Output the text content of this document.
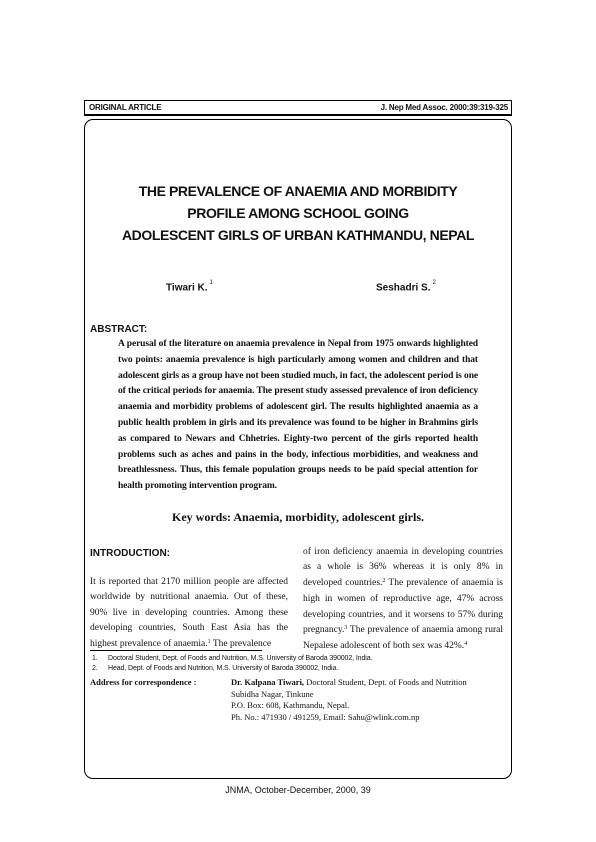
ORIGINAL ARTICLE	J. Nep Med Assoc. 2000:39:319-325
THE PREVALENCE OF ANAEMIA AND MORBIDITY
PROFILE AMONG SCHOOL GOING
ADOLESCENT GIRLS OF URBAN KATHMANDU, NEPAL
Tiwari K. $^1$	Seshadri S. $^2$
ABSTRACT:
A perusal of the literature on anaemia prevalence in Nepal from 1975 onwards highlighted two points: anaemia prevalence is high particularly among women and children and that adolescent girls as a group have not been studied much, in fact, the adolescent period is one of the critical periods for anaemia. The present study assessed prevalence of iron deficiency anaemia and morbidity problems of adolescent girl. The results highlighted anaemia as a public health problem in girls and its prevalence was found to be higher in Brahmins girls as compared to Newars and Chhetries. Eighty-two percent of the girls reported health problems such as aches and pains in the body, infectious morbidities, and weakness and breathlessness. Thus, this female population groups needs to be paid special attention for health promoting intervention program.
Key words: Anaemia, morbidity, adolescent girls.
INTRODUCTION:
It is reported that 2170 million people are affected worldwide by nutritional anaemia. Out of these, 90% live in developing countries. Among these developing countries, South East Asia has the highest prevalence of anaemia.$^1$ The prevalence
of iron deficiency anaemia in developing countries as a whole is 36% whereas it is only 8% in developed countries.$^2$ The prevalence of anaemia is high in women of reproductive age, 47% across developing countries, and it worsens to 57% during pregnancy.$^3$ The prevalence of anaemia among rural Nepalese adolescent of both sex was 42%.$^4$
1. Doctoral Student, Dept. of Foods and Nutrition, M.S. University of Baroda 390002, India.
2. Head, Dept. of Foods and Nutrition, M.S. University of Baroda 390002, India.
Address for correspondence :	Dr. Kalpana Tiwari, Doctoral Student, Dept. of Foods and Nutrition
Subidha Nagar, Tinkune
P.O. Box: 608, Kathmandu, Nepal.
Ph. No.: 471930 / 491259, Email: Sahu@wlink.com.np
JNMA, October-December, 2000, 39
